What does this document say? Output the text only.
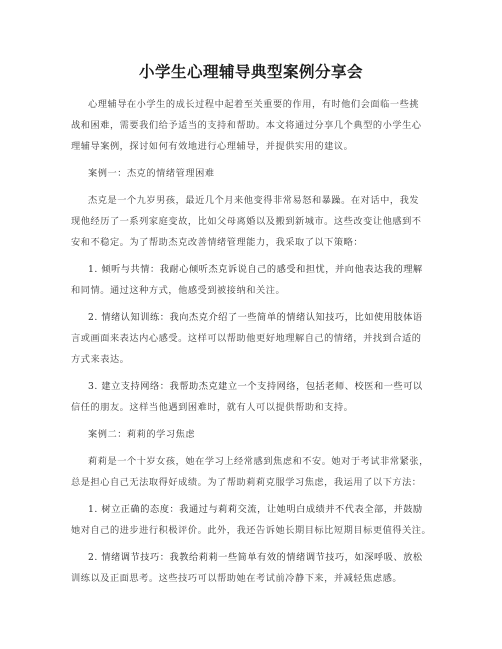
小学生心理辅导典型案例分享会
心理辅导在小学生的成长过程中起着至关重要的作用，有时他们会面临一些挑
战和困难，需要我们给予适当的支持和帮助。本文将通过分享几个典型的小学生心
理辅导案例，探讨如何有效地进行心理辅导，并提供实用的建议。
案例一：杰克的情绪管理困难
杰克是一个九岁男孩，最近几个月来他变得非常易怒和暴躁。在对话中，我发
现他经历了一系列家庭变故，比如父母离婚以及搬到新城市。这些改变让他感到不
安和不稳定。为了帮助杰克改善情绪管理能力，我采取了以下策略：
1. 倾听与共情：我耐心倾听杰克诉说自己的感受和担忧，并向他表达我的理解
和同情。通过这种方式，他感受到被接纳和关注。
2. 情绪认知训练：我向杰克介绍了一些简单的情绪认知技巧，比如使用肢体语
言或画面来表达内心感受。这样可以帮助他更好地理解自己的情绪，并找到合适的
方式来表达。
3. 建立支持网络：我帮助杰克建立一个支持网络，包括老师、校医和一些可以
信任的朋友。这样当他遇到困难时，就有人可以提供帮助和支持。
案例二：莉莉的学习焦虑
莉莉是一个十岁女孩，她在学习上经常感到焦虑和不安。她对于考试非常紧张，
总是担心自己无法取得好成绩。为了帮助莉莉克服学习焦虑，我运用了以下方法：
1. 树立正确的态度：我通过与莉莉交流，让她明白成绩并不代表全部，并鼓励
她对自己的进步进行积极评价。此外，我还告诉她长期目标比短期目标更值得关注。
2. 情绪调节技巧：我教给莉莉一些简单有效的情绪调节技巧，如深呼吸、放松
训练以及正面思考。这些技巧可以帮助她在考试前冷静下来，并减轻焦虑感。
